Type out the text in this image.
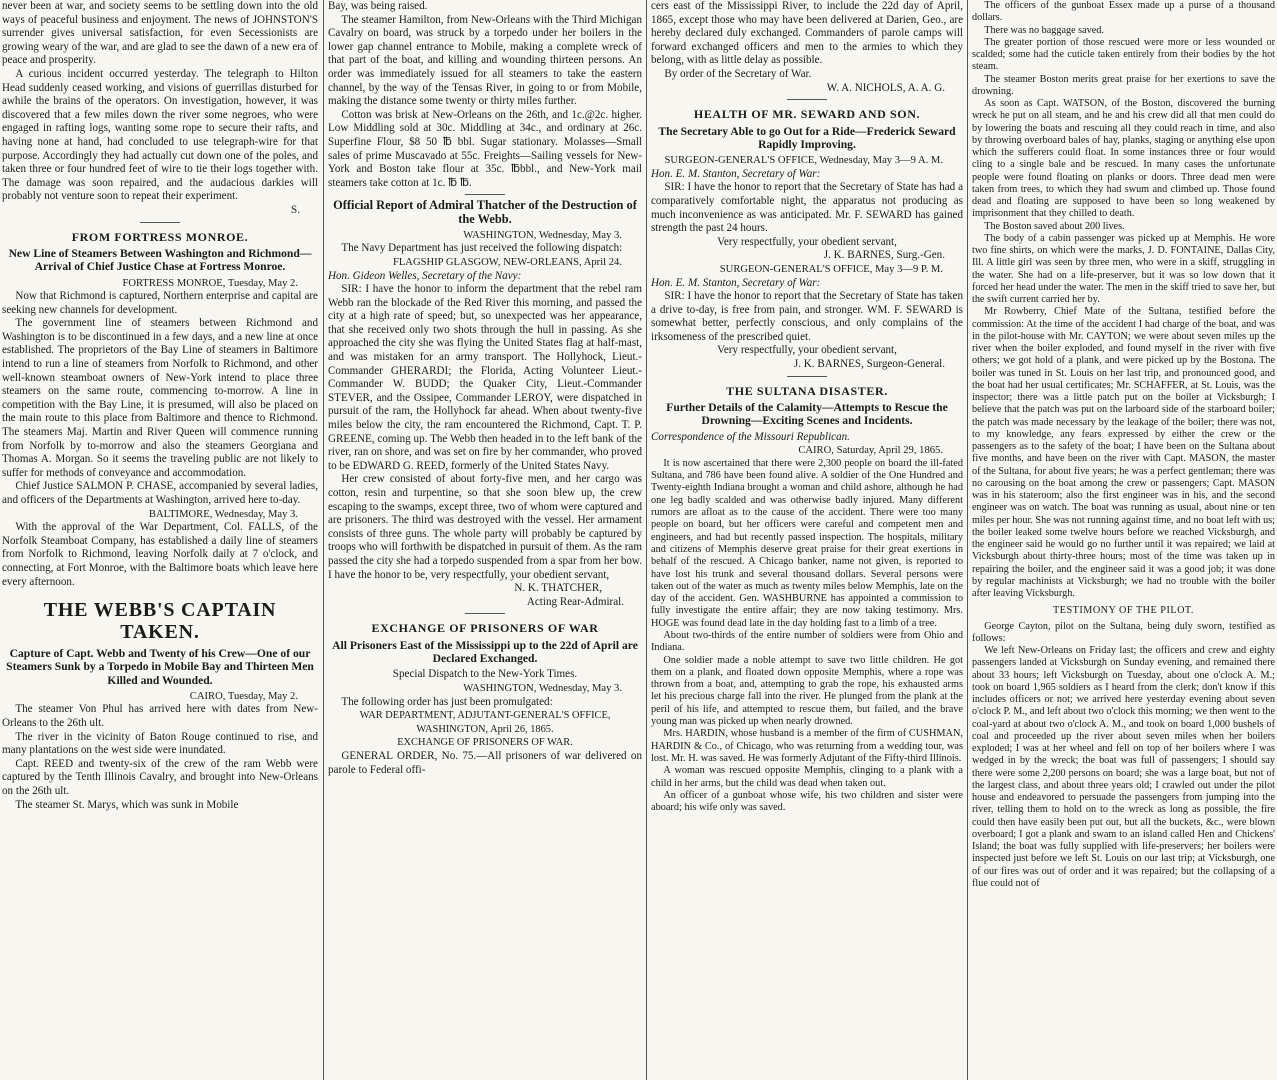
never been at war, and society seems to be settling down into the old ways of peaceful business and enjoyment. The news of JOHNSTON'S surrender gives universal satisfaction, for even Secessionists are growing weary of the war, and are glad to see the dawn of a new era of peace and prosperity.

A curious incident occurred yesterday. The telegraph to Hilton Head suddenly ceased working, and visions of guerrillas disturbed for awhile the brains of the operators. On investigation, however, it was discovered that a few miles down the river some negroes, who were engaged in rafting logs, wanting some rope to secure their rafts, and having none at hand, had concluded to use telegraph-wire for that purpose. Accordingly they had actually cut down one of the poles, and taken three or four hundred feet of wire to tie their logs together with. The damage was soon repaired, and the audacious darkies will probably not venture soon to repeat their experiment.

S.

FROM FORTRESS MONROE.
New Line of Steamers Between Washington and Richmond—Arrival of Chief Justice Chase at Fortress Monroe.

FORTRESS MONROE, Tuesday, May 2.

Now that Richmond is captured, Northern enterprise and capital are seeking new channels for development.

The government line of steamers between Richmond and Washington is to be discontinued in a few days, and a new line at once established. The proprietors of the Bay Line of steamers in Baltimore intend to run a line of steamers from Norfolk to Richmond, and other well-known steamboat owners of New-York intend to place three steamers on the same route, commencing to-morrow. A line in competition with the Bay Line, it is presumed, will also be placed on the main route to this place from Baltimore and thence to Richmond. The steamers Maj. Martin and River Queen will commence running from Norfolk by to-morrow and also the steamers Georgiana and Thomas A. Morgan. So it seems the traveling public are not likely to suffer for methods of conveyance and accommodation.

Chief Justice SALMON P. CHASE, accompanied by several ladies, and officers of the Departments at Washington, arrived here to-day.

BALTIMORE, Wednesday, May 3.

With the approval of the War Department, Col. FALLS, of the Norfolk Steamboat Company, has established a daily line of steamers from Norfolk to Richmond, leaving Norfolk daily at 7 o'clock, and connecting, at Fort Monroe, with the Baltimore boats which leave here every afternoon.

THE WEBB'S CAPTAIN TAKEN.
Capture of Capt. Webb and Twenty of his Crew—One of our Steamers Sunk by a Torpedo in Mobile Bay and Thirteen Men Killed and Wounded.

CAIRO, Tuesday, May 2.

The steamer Von Phul has arrived here with dates from New-Orleans to the 26th ult.

The river in the vicinity of Baton Rouge continued to rise, and many plantations on the west side were inundated.

Capt. REED and twenty-six of the crew of the ram Webb were captured by the Tenth Illinois Cavalry, and brought into New-Orleans on the 26th ult.

The steamer St. Marys, which was sunk in Mobile

Bay, was being raised.

The steamer Hamilton, from New-Orleans with the Third Michigan Cavalry on board, was struck by a torpedo under her boilers in the lower gap channel entrance to Mobile, making a complete wreck of that part of the boat, and killing and wounding thirteen persons. An order was immediately issued for all steamers to take the eastern channel, by the way of the Tensas River, in going to or from Mobile, making the distance some twenty or thirty miles further.

Cotton was brisk at New-Orleans on the 26th, and 1c.@2c. higher. Low Middling sold at 30c. Middling at 34c., and ordinary at 26c. Superfine Flour, $8 50 ℔ bbl. Sugar stationary. Molasses—Small sales of prime Muscavado at 55c. Freights—Sailing vessels for New-York and Boston take flour at 35c. ℔bbl., and New-York mail steamers take cotton at 1c. ℔ ℔.

Official Report of Admiral Thatcher of the Destruction of the Webb.

WASHINGTON, Wednesday, May 3.

The Navy Department has just received the following dispatch:

FLAGSHIP GLASGOW, NEW-ORLEANS, April 24.

Hon. Gideon Welles, Secretary of the Navy:

SIR: I have the honor to inform the department that the rebel ram Webb ran the blockade of the Red River this morning, and passed the city at a high rate of speed; but, so unexpected was her appearance, that she received only two shots through the hull in passing. As she approached the city she was flying the United States flag at half-mast, and was mistaken for an army transport. The Hollyhock, Lieut.-Commander GHERARDI; the Florida, Acting Volunteer Lieut.-Commander W. BUDD; the Quaker City, Lieut.-Commander STEVER, and the Ossipee, Commander LEROY, were dispatched in pursuit of the ram, the Hollyhock far ahead. When about twenty-five miles below the city, the ram encountered the Richmond, Capt. T. P. GREENE, coming up. The Webb then headed in to the left bank of the river, ran on shore, and was set on fire by her commander, who proved to be EDWARD G. REED, formerly of the United States Navy.

Her crew consisted of about forty-five men, and her cargo was cotton, resin and turpentine, so that she soon blew up, the crew escaping to the swamps, except three, two of whom were captured and are prisoners. The third was destroyed with the vessel. Her armament consists of three guns. The whole party will probably be captured by troops who will forthwith be dispatched in pursuit of them. As the ram passed the city she had a torpedo suspended from a spar from her bow. I have the honor to be, very respectfully, your obedient servant,

N. K. THATCHER,

Acting Rear-Admiral.

EXCHANGE OF PRISONERS OF WAR
All Prisoners East of the Mississippi up to the 22d of April are Declared Exchanged.

Special Dispatch to the New-York Times.

WASHINGTON, Wednesday, May 3.

The following order has just been promulgated:

WAR DEPARTMENT, ADJUTANT-GENERAL'S OFFICE, WASHINGTON, April 26, 1865.

EXCHANGE OF PRISONERS OF WAR.

GENERAL ORDER, No. 75.—All prisoners of war delivered on parole to Federal offi-

cers east of the Mississippi River, to include the 22d day of April, 1865, except those who may have been delivered at Darien, Geo., are hereby declared duly exchanged. Commanders of parole camps will forward exchanged officers and men to the armies to which they belong, with as little delay as possible.

By order of the Secretary of War.

W. A. NICHOLS, A. A. G.

HEALTH OF MR. SEWARD AND SON.
The Secretary Able to go Out for a Ride—Frederick Seward Rapidly Improving.

SURGEON-GENERAL'S OFFICE, Wednesday, May 3—9 A. M.

Hon. E. M. Stanton, Secretary of War:

SIR: I have the honor to report that the Secretary of State has had a comparatively comfortable night, the apparatus not producing as much inconvenience as was anticipated. Mr. F. SEWARD has gained strength the past 24 hours.

Very respectfully, your obedient servant,

J. K. BARNES, Surg.-Gen.

SURGEON-GENERAL'S OFFICE, May 3—9 P. M.

Hon. E. M. Stanton, Secretary of War:

SIR: I have the honor to report that the Secretary of State has taken a drive to-day, is free from pain, and stronger. WM. F. SEWARD is somewhat better, perfectly conscious, and only complains of the irksomeness of the prescribed quiet.

Very respectfully, your obedient servant,

J. K. BARNES, Surgeon-General.

THE SULTANA DISASTER.
Further Details of the Calamity—Attempts to Rescue the Drowning—Exciting Scenes and Incidents.

Correspondence of the Missouri Republican.

CAIRO, Saturday, April 29, 1865.

It is now ascertained that there were 2,300 people on board the ill-fated Sultana, and 786 have been found alive. A soldier of the One Hundred and Twenty-eighth Indiana brought a woman and child ashore, although he had one leg badly scalded and was otherwise badly injured. Many different rumors are afloat as to the cause of the accident. There were too many people on board, but her officers were careful and competent men and engineers, and had but recently passed inspection. The hospitals, military and citizens of Memphis deserve great praise for their great exertions in behalf of the rescued. A Chicago banker, name not given, is reported to have lost his trunk and several thousand dollars. Several persons were taken out of the water as much as twenty miles below Memphis, late on the day of the accident. Gen. WASHBURNE has appointed a commission to fully investigate the entire affair; they are now taking testimony. Mrs. HOGE was found dead late in the day holding fast to a limb of a tree.

About two-thirds of the entire number of soldiers were from Ohio and Indiana.

One soldier made a noble attempt to save two little children. He got them on a plank, and floated down opposite Memphis, where a rope was thrown from a boat, and, attempting to grab the rope, his exhausted arms let his precious charge fall into the river. He plunged from the plank at the peril of his life, and attempted to rescue them, but failed, and the brave young man was picked up when nearly drowned.

Mrs. HARDIN, whose husband is a member of the firm of CUSHMAN, HARDIN & Co., of Chicago, who was returning from a wedding tour, was lost. Mr. H. was saved. He was formerly Adjutant of the Fifty-third Illinois.

A woman was rescued opposite Memphis, clinging to a plank with a child in her arms, but the child was dead when taken out.

An officer of a gunboat whose wife, his two children and sister were aboard; his wife only was saved.

The officers of the gunboat Essex made up a purse of a thousand dollars.

There was no baggage saved.

The greater portion of those rescued were more or less wounded or scalded; some had the cuticle taken entirely from their bodies by the hot steam.

The steamer Boston merits great praise for her exertions to save the drowning.

As soon as Capt. WATSON, of the Boston, discovered the burning wreck he put on all steam, and he and his crew did all that men could do by lowering the boats and rescuing all they could reach in time, and also by throwing overboard bales of hay, planks, staging or anything else upon which the sufferers could float. In some instances three or four would cling to a single bale and be rescued. In many cases the unfortunate people were found floating on planks or doors. Three dead men were taken from trees, to which they had swum and climbed up. Those found dead and floating are supposed to have been so long weakened by imprisonment that they chilled to death.

The Boston saved about 200 lives.

The body of a cabin passenger was picked up at Memphis. He wore two fine shirts, on which were the marks, J. D. FONTAINE, Dallas City, Ill. A little girl was seen by three men, who were in a skiff, struggling in the water. She had on a life-preserver, but it was so low down that it forced her head under the water. The men in the skiff tried to save her, but the swift current carried her by.

Mr Rowberry, Chief Mate of the Sultana, testified before the commission: At the time of the accident I had charge of the boat, and was in the pilot-house with Mr. CAYTON; we were about seven miles up the river when the boiler exploded, and found myself in the river with five others; we got hold of a plank, and were picked up by the Bostona. The boiler was tuned in St. Louis on her last trip, and pronounced good, and the boat had her usual certificates; Mr. SCHAFFER, at St. Louis, was the inspector; there was a little patch put on the boiler at Vicksburgh; I believe that the patch was put on the larboard side of the starboard boiler; the patch was made necessary by the leakage of the boiler; there was not, to my knowledge, any fears expressed by either the crew or the passengers as to the safety of the boat; I have been on the Sultana about five months, and have been on the river with Capt. MASON, the master of the Sultana, for about five years; he was a perfect gentleman; there was no carousing on the boat among the crew or passengers; Capt. MASON was in his stateroom; also the first engineer was in his, and the second engineer was on watch. The boat was running as usual, about nine or ten miles per hour. She was not running against time, and no boat left with us; the boiler leaked some twelve hours before we reached Vicksburgh, and the engineer said he would go no further until it was repaired; we laid at Vicksburgh about thirty-three hours; most of the time was taken up in repairing the boiler, and the engineer said it was a good job; it was done by regular machinists at Vicksburgh; we had no trouble with the boiler after leaving Vicksburgh.

TESTIMONY OF THE PILOT.

George Cayton, pilot on the Sultana, being duly sworn, testified as follows:

We left New-Orleans on Friday last; the officers and crew and eighty passengers landed at Vicksburgh on Sunday evening, and remained there about 33 hours; left Vicksburgh on Tuesday, about one o'clock A. M.; took on board 1,965 soldiers as I heard from the clerk; don't know if this includes officers or not; we arrived here yesterday evening about seven o'clock P. M., and left about two o'clock this morning; we then went to the coal-yard at about two o'clock A. M., and took on board 1,000 bushels of coal and proceeded up the river about seven miles when her boilers exploded; I was at her wheel and fell on top of her boilers where I was wedged in by the wreck; the boat was full of passengers; I should say there were some 2,200 persons on board; she was a large boat, but not of the largest class, and about three years old; I crawled out under the pilot house and endeavored to persuade the passengers from jumping into the river, telling them to hold on to the wreck as long as possible, the fire could then have easily been put out, but all the buckets, &c., were blown overboard; I got a plank and swam to an island called Hen and Chickens' Island; the boat was fully supplied with life-preservers; her boilers were inspected just before we left St. Louis on our last trip; at Vicksburgh, one of our fires was out of order and it was repaired; but the collapsing of a flue could not of
